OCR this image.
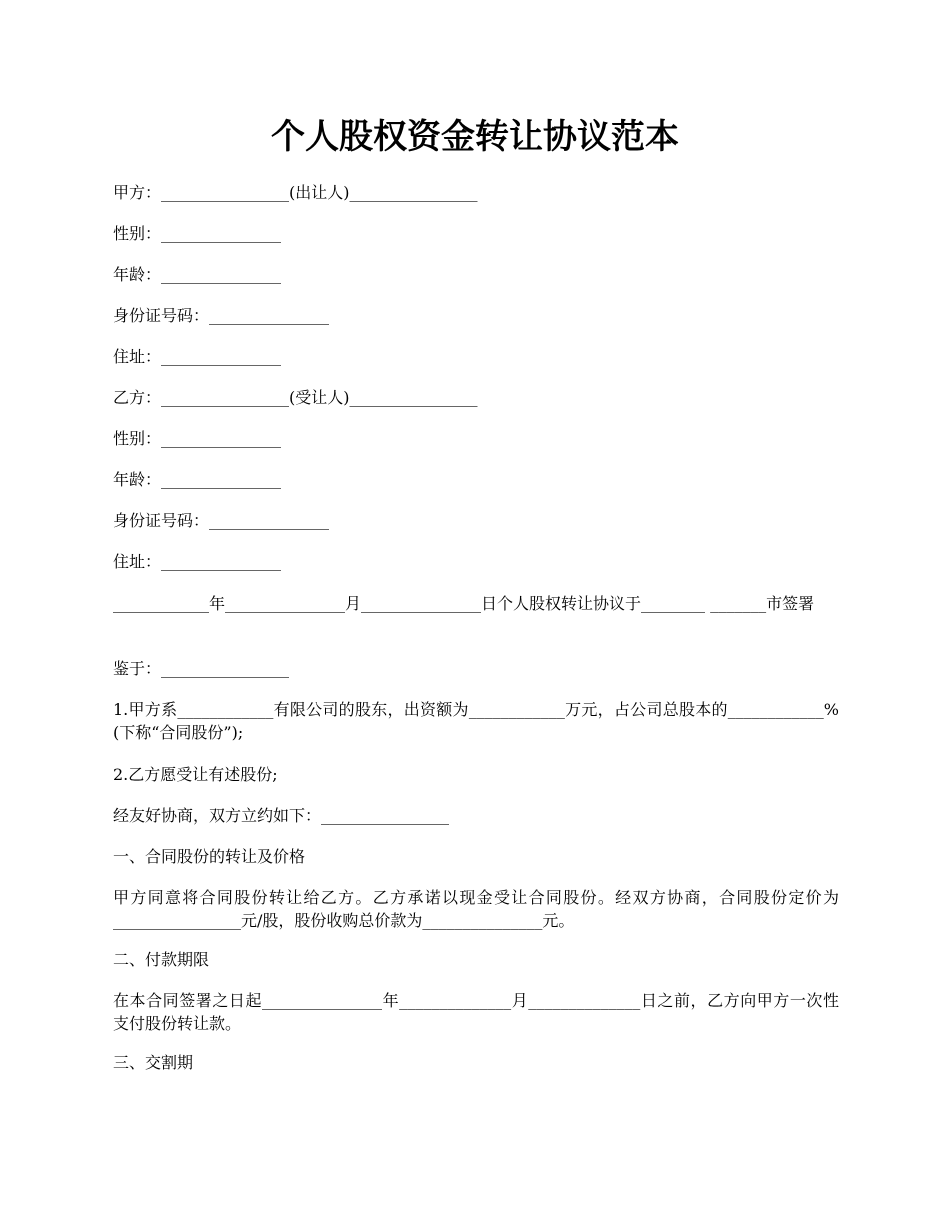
个人股权资金转让协议范本

甲方：________________(出让人)________________

性别：_______________

年龄：_______________

身份证号码：_______________

住址：_______________

乙方：________________(受让人)________________

性别：_______________

年龄：_______________

身份证号码：_______________

住址：_______________

____________年_______________月_______________日个人股权转让协议于________ _______市签署

鉴于：________________

1.甲方系____________有限公司的股东，出资额为____________万元，占公司总股本的____________%(下称“合同股份”);

2.乙方愿受让有述股份;

经友好协商，双方立约如下：________________

一、合同股份的转让及价格

甲方同意将合同股份转让给乙方。乙方承诺以现金受让合同股份。经双方协商，合同股份定价为________________元/股，股份收购总价款为_______________元。

二、付款期限

在本合同签署之日起_______________年______________月______________日之前，乙方向甲方一次性支付股份转让款。

三、交割期
